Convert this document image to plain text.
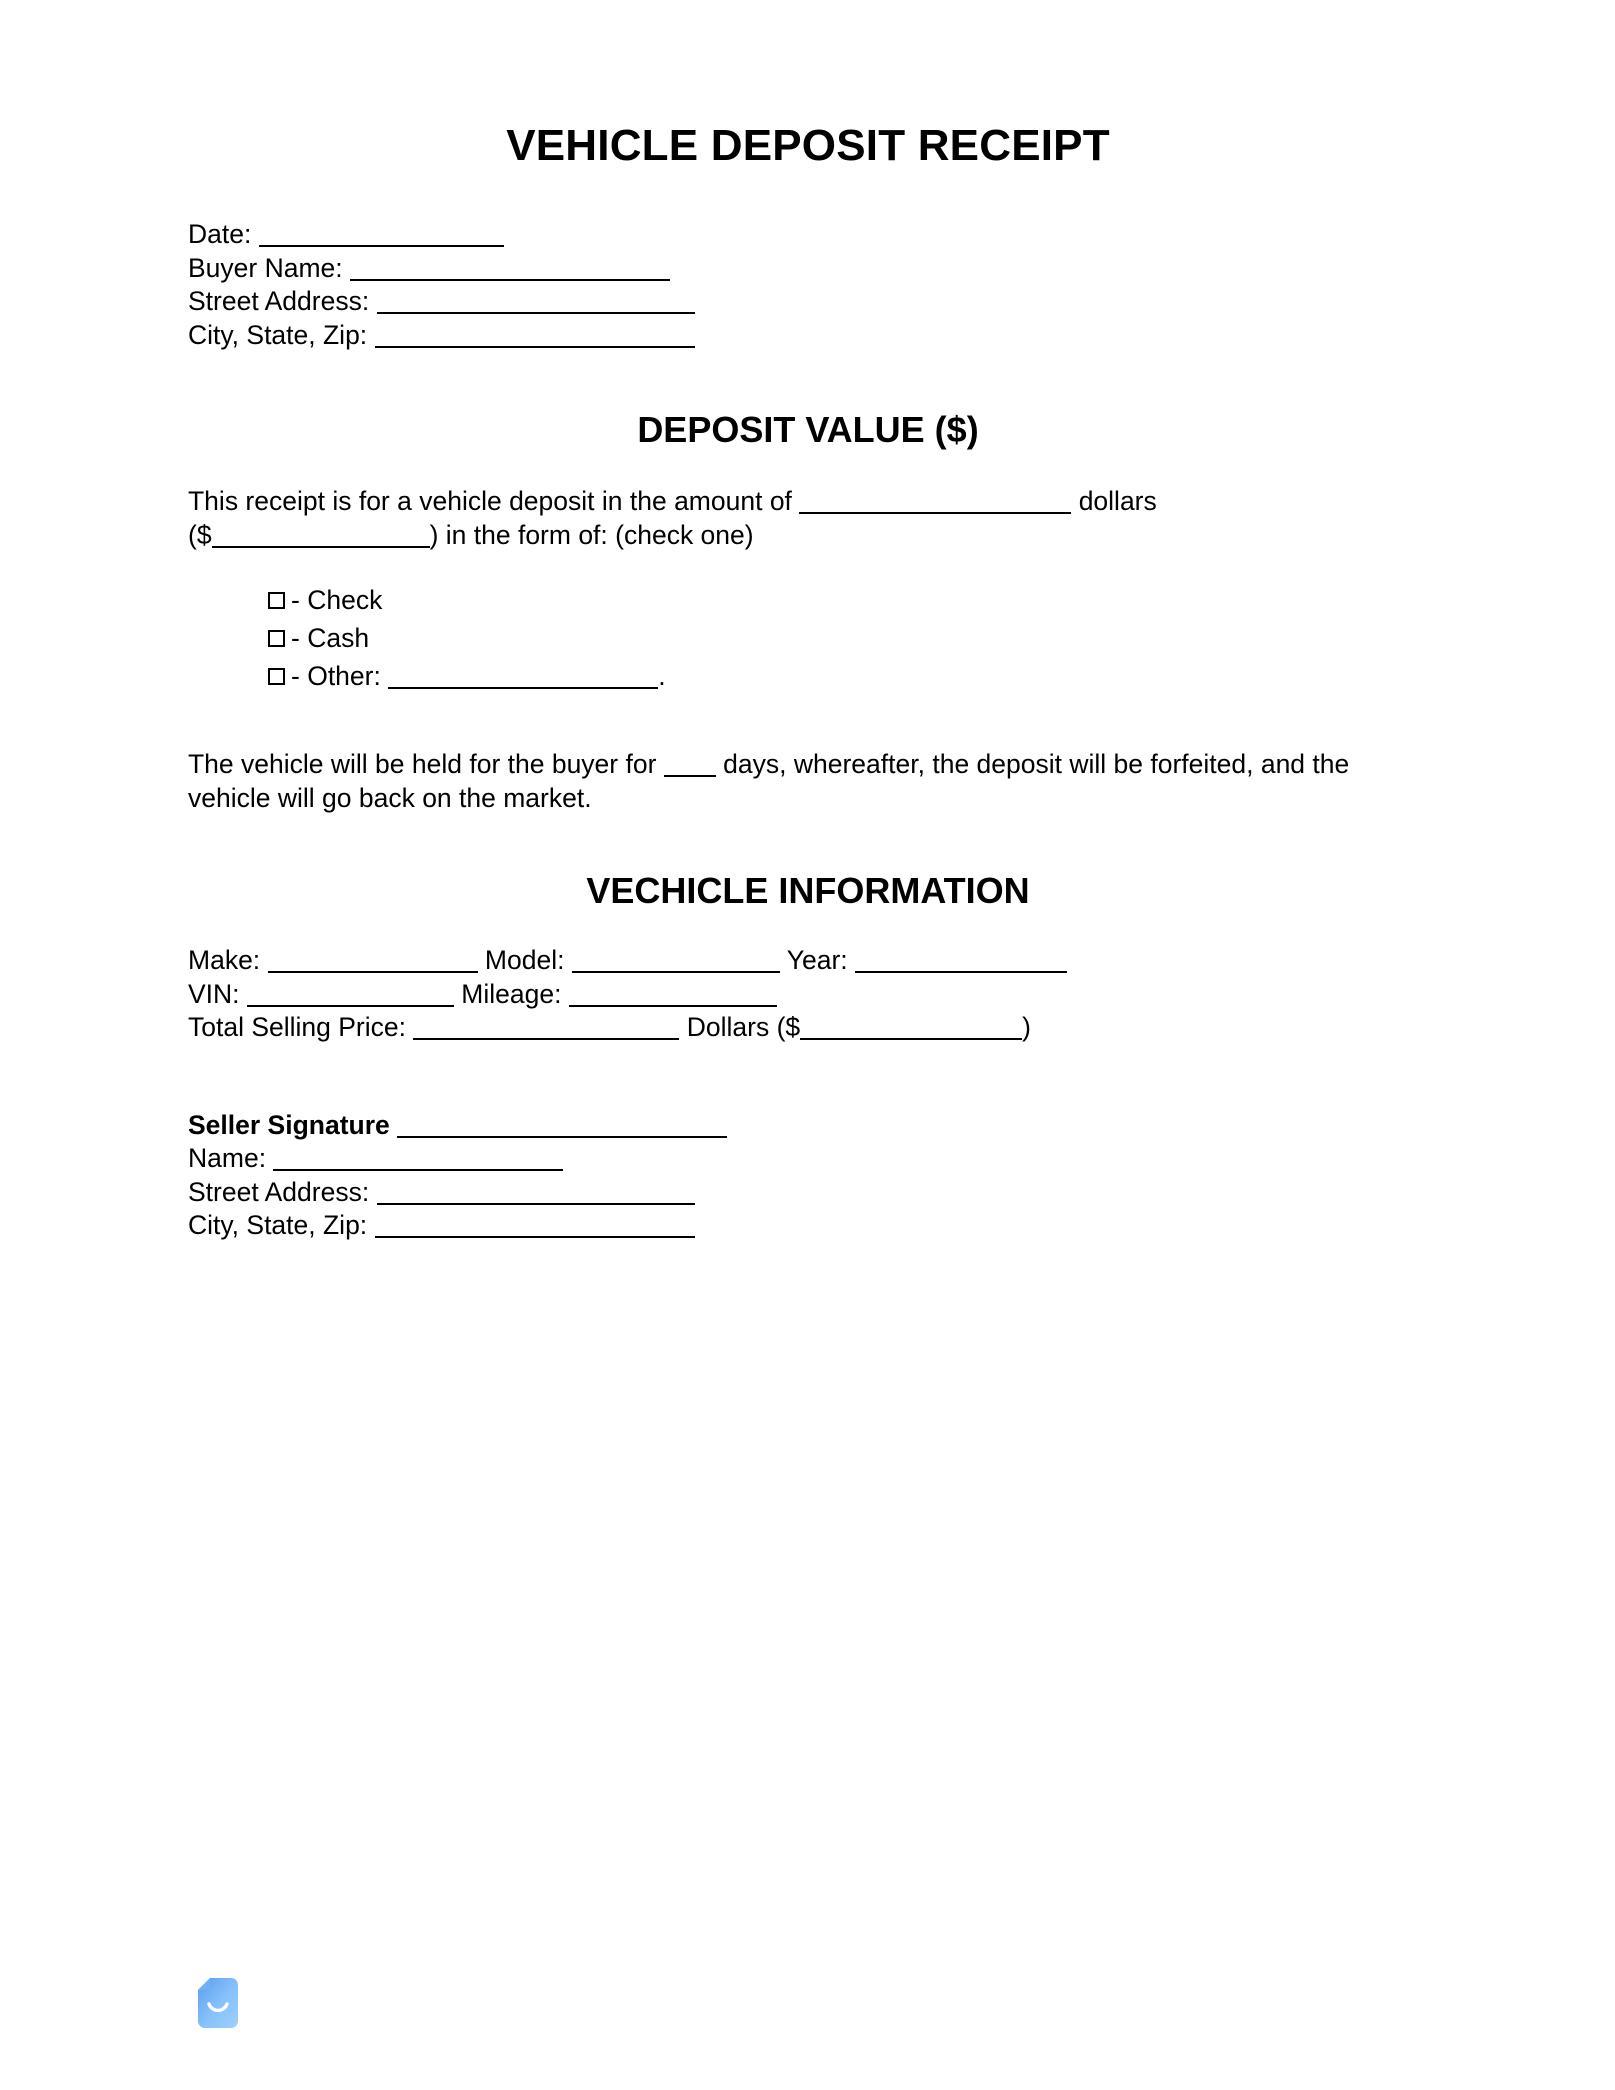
VEHICLE DEPOSIT RECEIPT
Date:
Buyer Name:
Street Address:
City, State, Zip:
DEPOSIT VALUE ($)
This receipt is for a vehicle deposit in the amount of	dollars
($	) in the form of: (check one)
- Check
- Cash
- Other:	.
The vehicle will be held for the buyer for	days, whereafter, the deposit will be forfeited, and the vehicle will go back on the market.
VECHICLE INFORMATION
Make:	Model:	Year:
VIN:	Mileage:
Total Selling Price:	Dollars ($	)
Seller Signature
Name:
Street Address:
City, State, Zip:
